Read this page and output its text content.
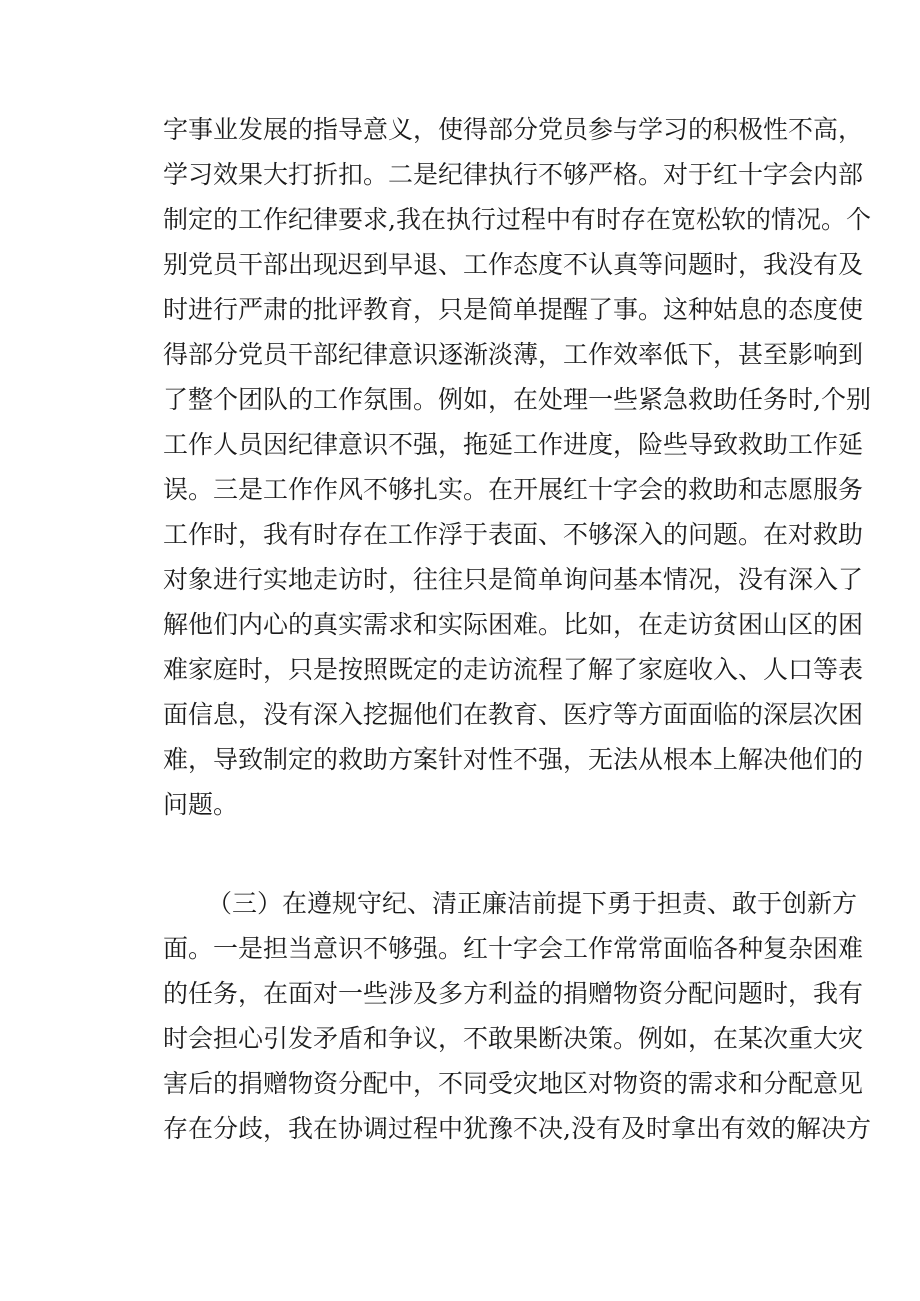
字事业发展的指导意义，使得部分党员参与学习的积极性不高，
学习效果大打折扣。二是纪律执行不够严格。对于红十字会内部
制定的工作纪律要求,我在执行过程中有时存在宽松软的情况。个
别党员干部出现迟到早退、工作态度不认真等问题时，我没有及
时进行严肃的批评教育，只是简单提醒了事。这种姑息的态度使
得部分党员干部纪律意识逐渐淡薄，工作效率低下，甚至影响到
了整个团队的工作氛围。例如，在处理一些紧急救助任务时,个别
工作人员因纪律意识不强，拖延工作进度，险些导致救助工作延
误。三是工作作风不够扎实。在开展红十字会的救助和志愿服务
工作时，我有时存在工作浮于表面、不够深入的问题。在对救助
对象进行实地走访时，往往只是简单询问基本情况，没有深入了
解他们内心的真实需求和实际困难。比如，在走访贫困山区的困
难家庭时，只是按照既定的走访流程了解了家庭收入、人口等表
面信息，没有深入挖掘他们在教育、医疗等方面面临的深层次困
难，导致制定的救助方案针对性不强，无法从根本上解决他们的
问题。
（三）在遵规守纪、清正廉洁前提下勇于担责、敢于创新方
面。一是担当意识不够强。红十字会工作常常面临各种复杂困难
的任务，在面对一些涉及多方利益的捐赠物资分配问题时，我有
时会担心引发矛盾和争议，不敢果断决策。例如，在某次重大灾
害后的捐赠物资分配中，不同受灾地区对物资的需求和分配意见
存在分歧，我在协调过程中犹豫不决,没有及时拿出有效的解决方
